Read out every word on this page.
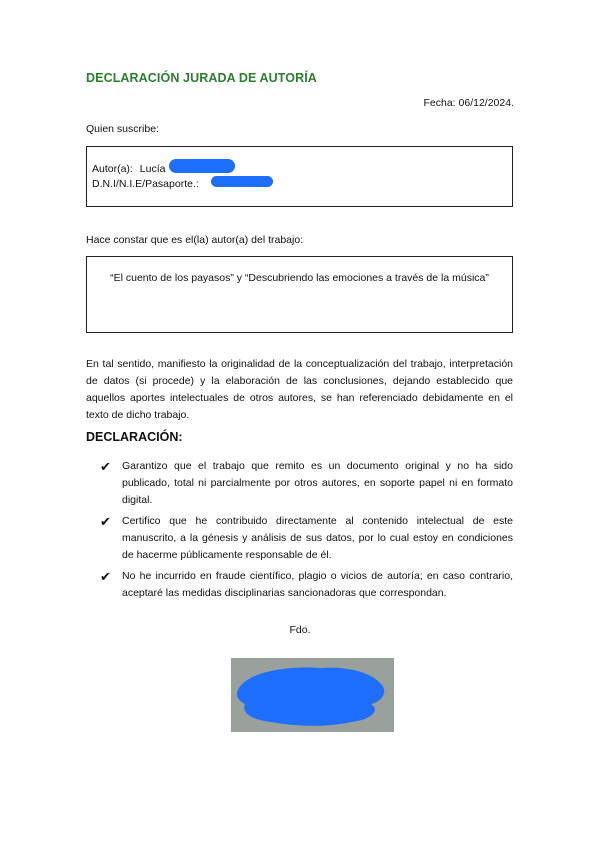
DECLARACIÓN JURADA DE AUTORÍA
Fecha: 06/12/2024.
Quien suscribe:
Autor(a): Lucía
D.N.I/N.I.E/Pasaporte.:
Hace constar que es el(la) autor(a) del trabajo:
“El cuento de los payasos” y “Descubriendo las emociones a través de la música”
En tal sentido, manifiesto la originalidad de la conceptualización del trabajo, interpretación de datos (si procede) y la elaboración de las conclusiones, dejando establecido que aquellos aportes intelectuales de otros autores, se han referenciado debidamente en el texto de dicho trabajo.
DECLARACIÓN:
✔ Garantizo que el trabajo que remito es un documento original y no ha sido publicado, total ni parcialmente por otros autores, en soporte papel ni en formato digital.
✔ Certifico que he contribuido directamente al contenido intelectual de este manuscrito, a la génesis y análisis de sus datos, por lo cual estoy en condiciones de hacerme públicamente responsable de él.
✔ No he incurrido en fraude científico, plagio o vicios de autoría; en caso contrario, aceptaré las medidas disciplinarias sancionadoras que correspondan.
Fdo.
